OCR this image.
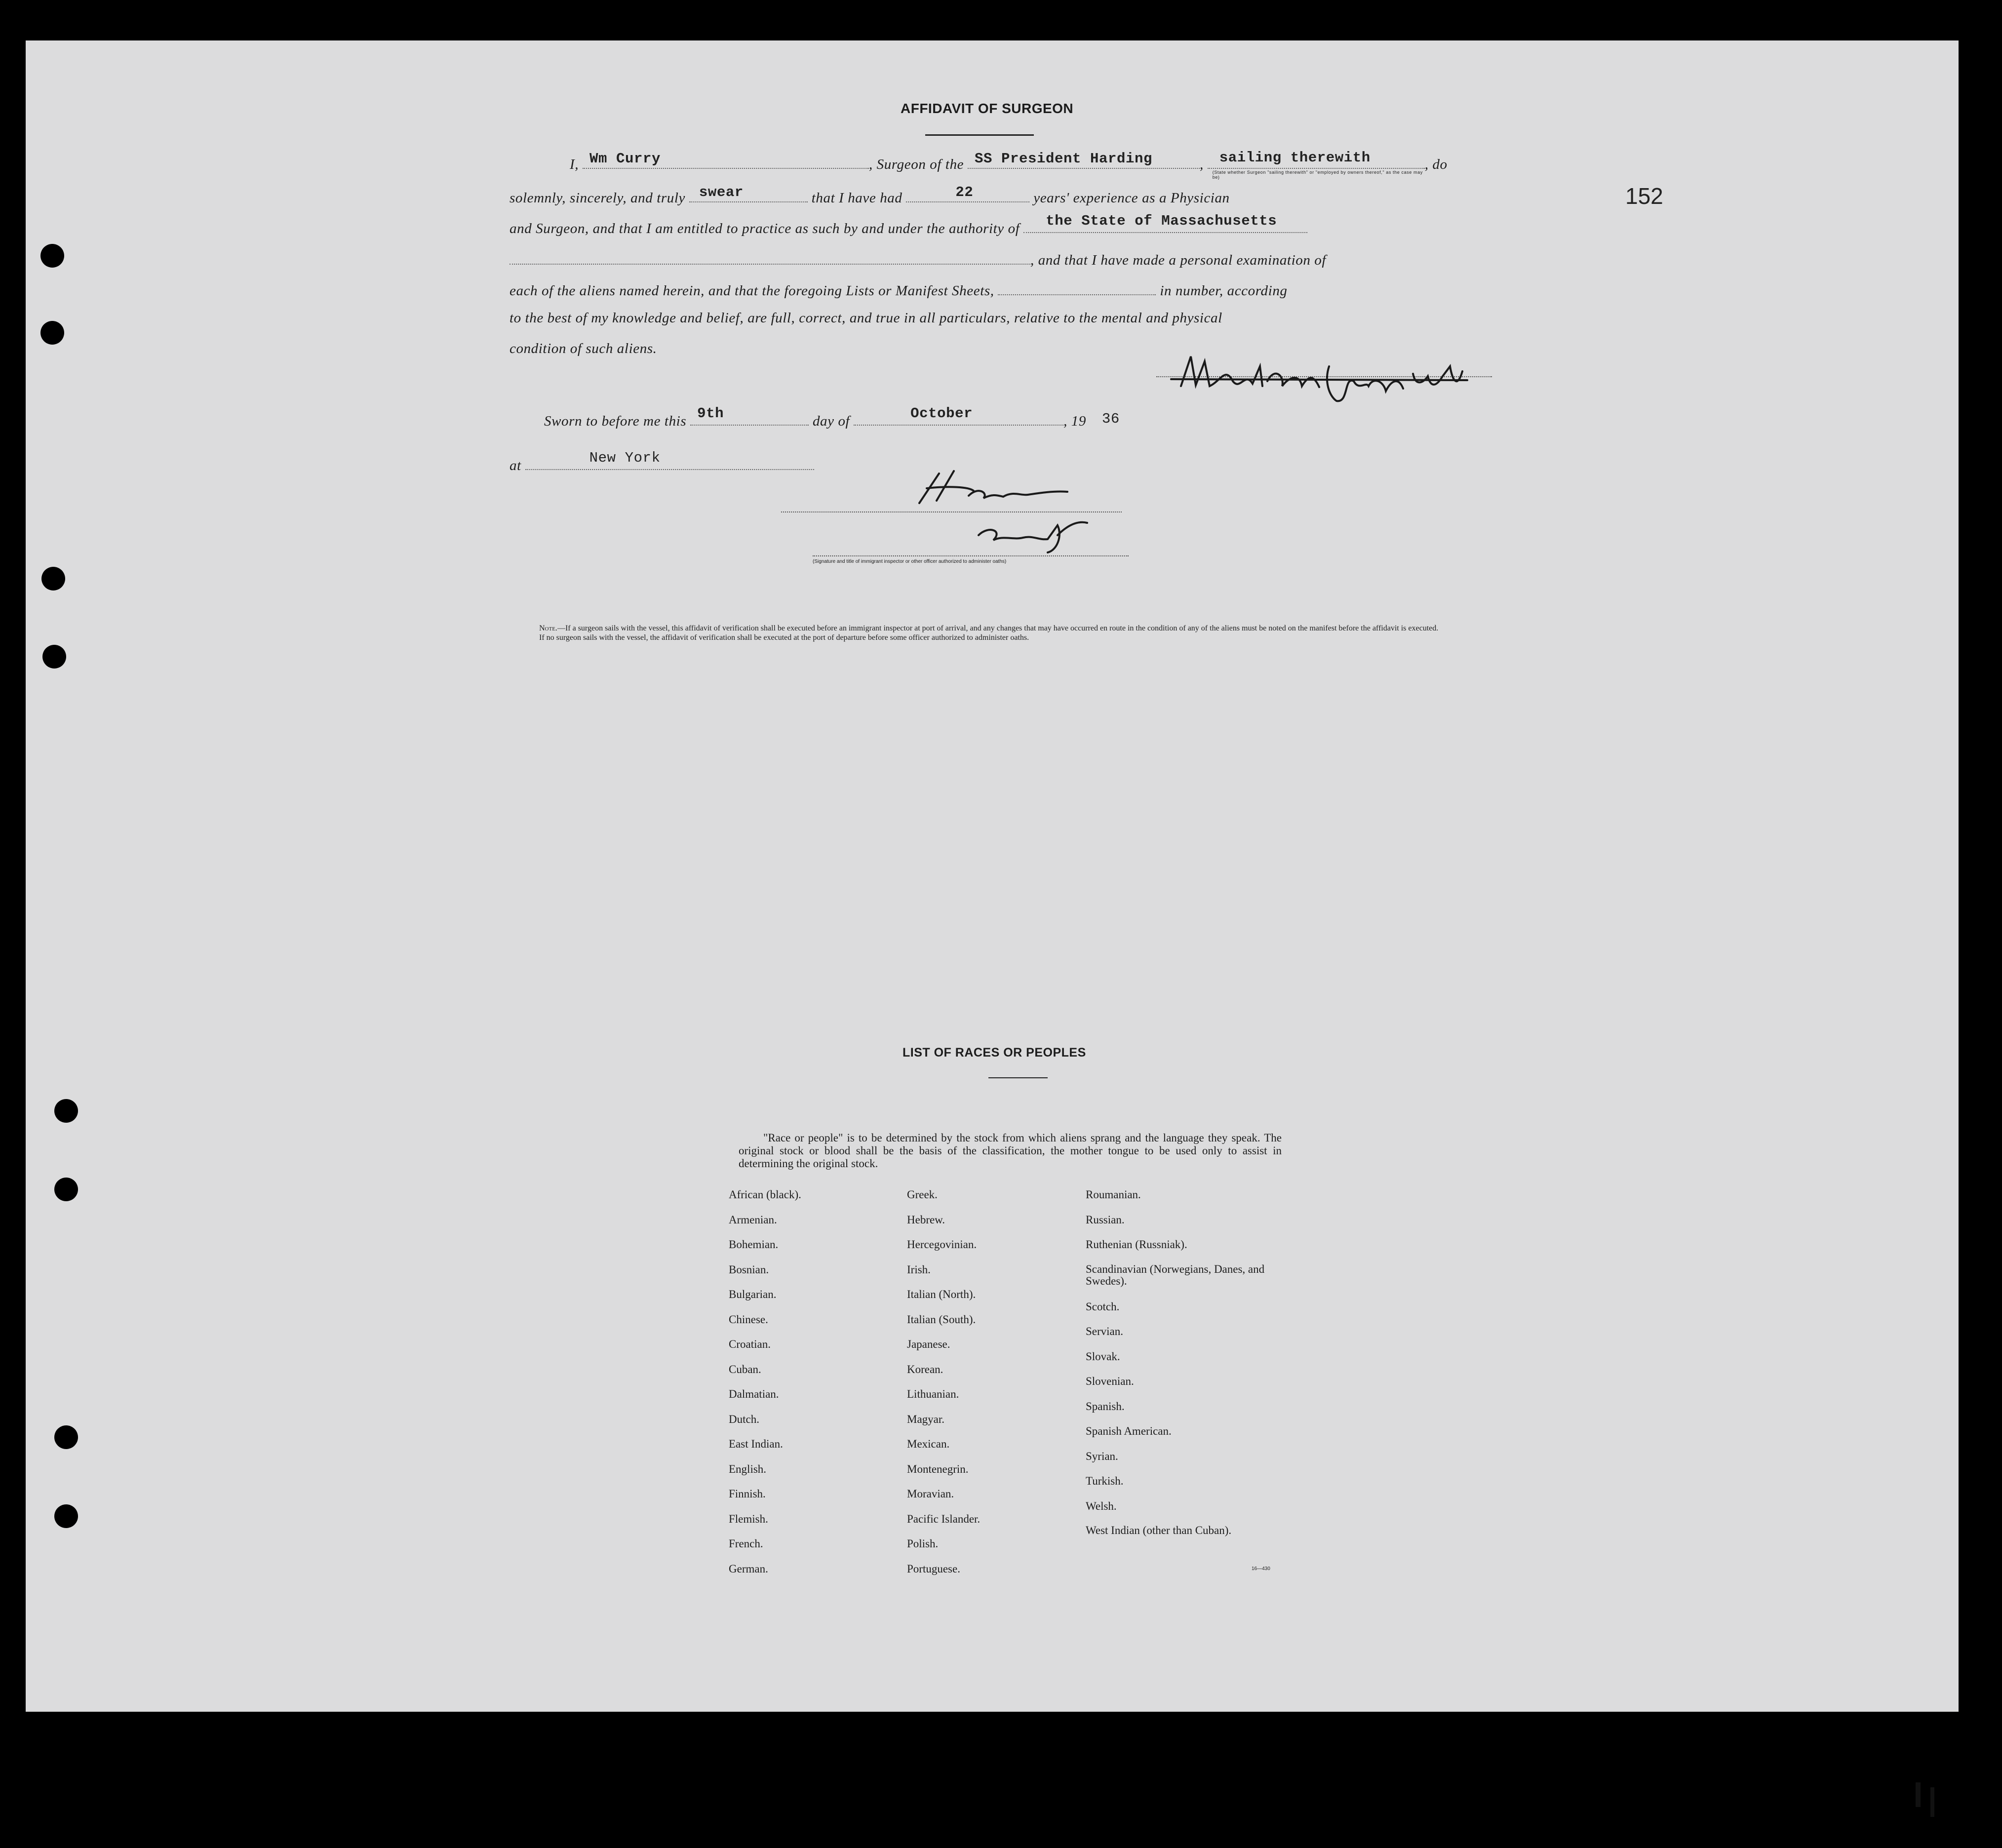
152
AFFIDAVIT OF SURGEON
I, Wm Curry	, Surgeon of the SS President Harding	, sailing therewith
(State whether Surgeon "sailing therewith" or "employed by owners thereof," as the case may be)
, do
solemnly, sincerely, and truly swear	that I have had	22	years' experience as a Physician
and Surgeon, and that I am entitled to practice as such by and under the authority of the State of Massachusetts
, and that I have made a personal examination of
each of the aliens named herein, and that the foregoing Lists or Manifest Sheets,	in number, according
to the best of my knowledge and belief, are full, correct, and true in all particulars, relative to the mental and physical
condition of such aliens.
Sworn to before me this 9th	day of	October	, 19 36
at	New York
(Signature and title of immigrant inspector or other officer authorized to administer oaths)

Note.—If a surgeon sails with the vessel, this affidavit of verification shall be executed before an immigrant inspector at port of arrival, and any changes that may have occurred en route in the condition of any of the aliens must be noted on the manifest before the affidavit is executed.

If no surgeon sails with the vessel, the affidavit of verification shall be executed at the port of departure before some officer authorized to administer oaths.

LIST OF RACES OR PEOPLES
"Race or people" is to be determined by the stock from which aliens sprang and the language they speak. The original stock or blood shall be the basis of the classification, the mother tongue to be used only to assist in determining the original stock.
African (black).
Armenian.
Bohemian.
Bosnian.
Bulgarian.
Chinese.
Croatian.
Cuban.
Dalmatian.
Dutch.
East Indian.
English.
Finnish.
Flemish.
French.
German.
Greek.
Hebrew.
Hercegovinian.
Irish.
Italian (North).
Italian (South).
Japanese.
Korean.
Lithuanian.
Magyar.
Mexican.
Montenegrin.
Moravian.
Pacific Islander.
Polish.
Portuguese.
Roumanian.
Russian.
Ruthenian (Russniak).
Scandinavian (Norwegians, Danes, and Swedes).
Scotch.
Servian.
Slovak.
Slovenian.
Spanish.
Spanish American.
Syrian.
Turkish.
Welsh.
West Indian (other than Cuban).
16—430
